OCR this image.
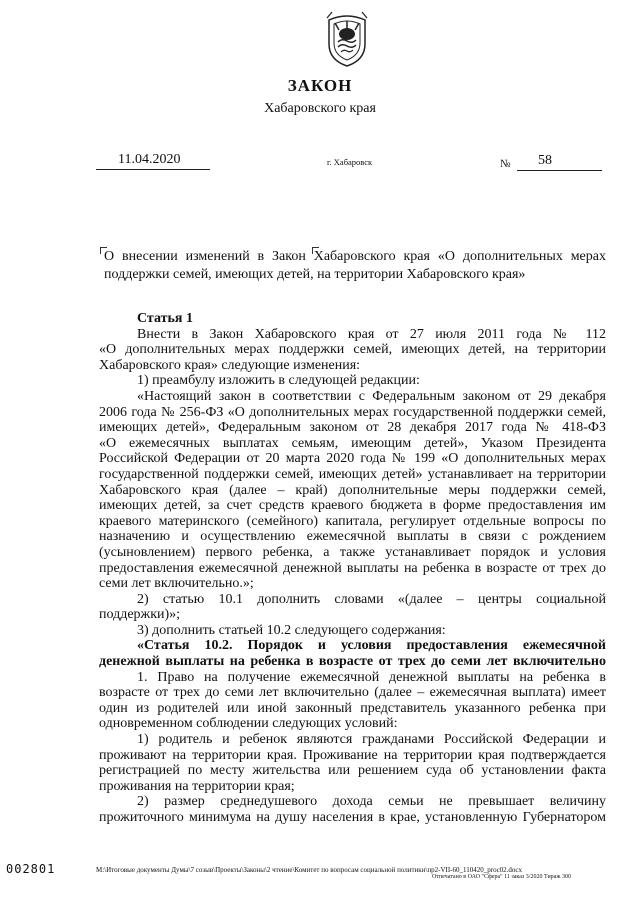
ЗАКОН
Хабаровского края
11.04.2020	г. Хабаровск	№ 58
О внесении изменений в Закон Хабаровского края «О дополнительных мерах поддержки семей, имеющих детей, на территории Хабаровского края»
Статья 1
Внести в Закон Хабаровского края от 27 июля 2011 года № 112
«О дополнительных мерах поддержки семей, имеющих детей, на территории
Хабаровского края» следующие изменения:
1) преамбулу изложить в следующей редакции:
«Настоящий закон в соответствии с Федеральным законом от 29 декабря
2006 года № 256-ФЗ «О дополнительных мерах государственной поддержки семей,
имеющих детей», Федеральным законом от 28 декабря 2017 года № 418-ФЗ
«О ежемесячных выплатах семьям, имеющим детей», Указом Президента
Российской Федерации от 20 марта 2020 года № 199 «О дополнительных мерах
государственной поддержки семей, имеющих детей» устанавливает на территории
Хабаровского края (далее – край) дополнительные меры поддержки семей,
имеющих детей, за счет средств краевого бюджета в форме предоставления им
краевого материнского (семейного) капитала, регулирует отдельные вопросы по
назначению и осуществлению ежемесячной выплаты в связи с рождением
(усыновлением) первого ребенка, а также устанавливает порядок и условия
предоставления ежемесячной денежной выплаты на ребенка в возрасте от трех до
семи лет включительно.»;
2) статью 10.1 дополнить словами «(далее – центры социальной
поддержки)»;
3) дополнить статьей 10.2 следующего содержания:
«Статья 10.2. Порядок и условия предоставления ежемесячной
денежной выплаты на ребенка в возрасте от трех до семи лет включительно
1. Право на получение ежемесячной денежной выплаты на ребенка в
возрасте от трех до семи лет включительно (далее – ежемесячная выплата) имеет
один из родителей или иной законный представитель указанного ребенка при
одновременном соблюдении следующих условий:
1) родитель и ребенок являются гражданами Российской Федерации и
проживают на территории края. Проживание на территории края подтверждается
регистрацией по месту жительства или решением суда об установлении факта
проживания на территории края;
2) размер среднедушевого дохода семьи не превышает величину
прожиточного минимума на душу населения в крае, установленную Губернатором
002801	M:\Итоговые документы Думы\7 созыв\Проекты\Законы\2 чтение\Комитет по вопросам социальной политики\пр2-VII-60_110420_proc02.docx
Отпечатано в ОАО "Сфера" 11 заказ 3/2020 Тираж 300
